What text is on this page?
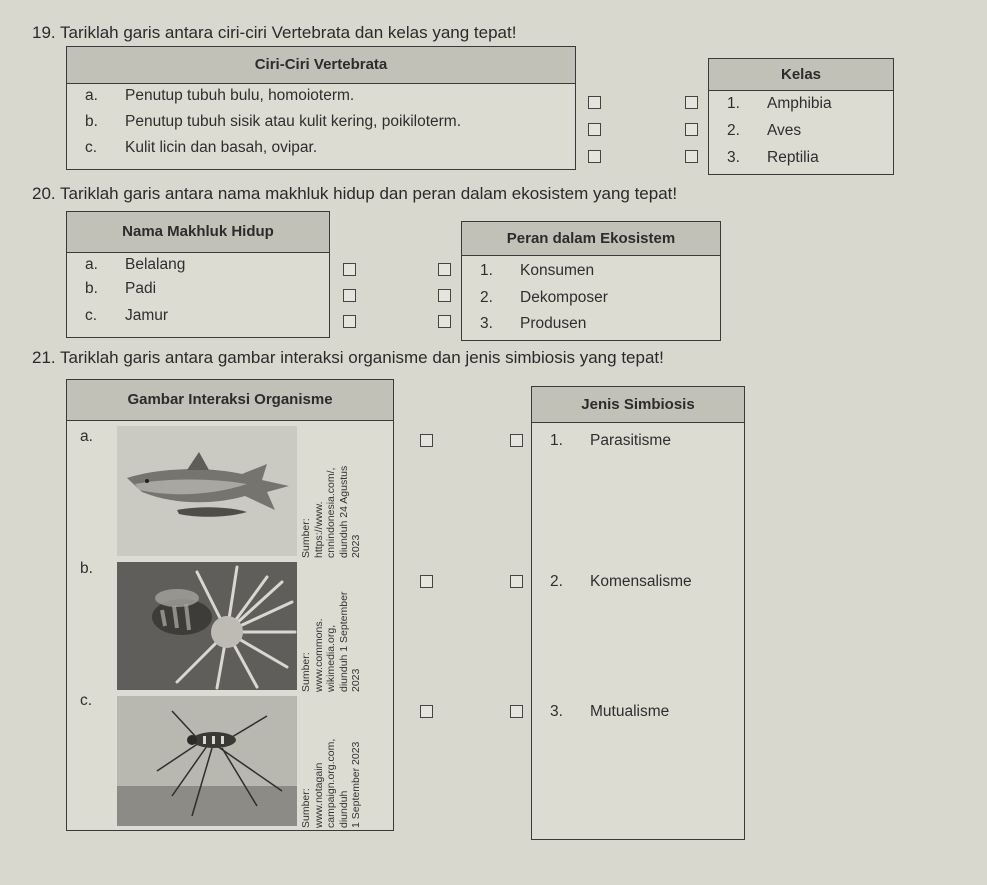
19. Tariklah garis antara ciri-ciri Vertebrata dan kelas yang tepat!
Ciri-Ciri Vertebrata
a. Penutup tubuh bulu, homoioterm.
b. Penutup tubuh sisik atau kulit kering, poikiloterm.
c. Kulit licin dan basah, ovipar.
Kelas
1. Amphibia
2. Aves
3. Reptilia
20. Tariklah garis antara nama makhluk hidup dan peran dalam ekosistem yang tepat!
Nama Makhluk Hidup
a. Belalang
b. Padi
c. Jamur
Peran dalam Ekosistem
1. Konsumen
2. Dekomposer
3. Produsen
21. Tariklah garis antara gambar interaksi organisme dan jenis simbiosis yang tepat!
Gambar Interaksi Organisme
a.
Sumber: https://www. cnnindonesia.com/, diunduh 24 Agustus 2023
b.
Sumber: www.commons. wikimedia.org, diunduh 1 September 2023
c.
Sumber: www.notagain campaign.org.com, diunduh 1 September 2023
Jenis Simbiosis
1. Parasitisme
2. Komensalisme
3. Mutualisme
